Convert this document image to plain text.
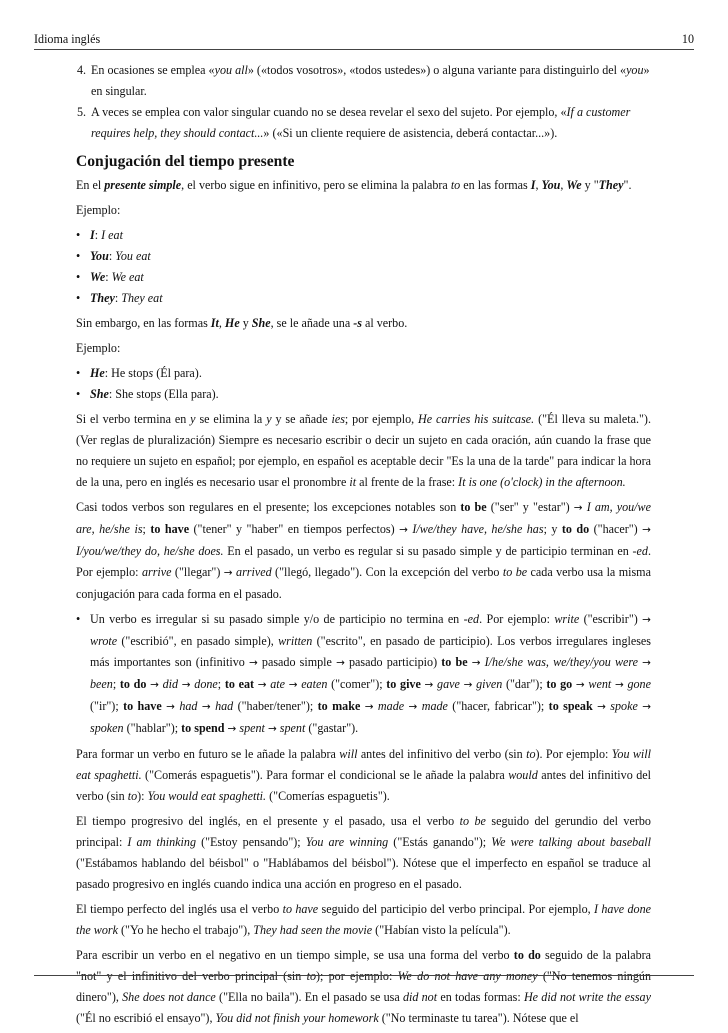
Idioma inglés	10
4. En ocasiones se emplea «you all» («todos vosotros», «todos ustedes») o alguna variante para distinguirlo del «you» en singular.
5. A veces se emplea con valor singular cuando no se desea revelar el sexo del sujeto. Por ejemplo, «If a customer requires help, they should contact...» («Si un cliente requiere de asistencia, deberá contactar...»).
Conjugación del tiempo presente

En el presente simple, el verbo sigue en infinitivo, pero se elimina la palabra to en las formas I, You, We y "They".

Ejemplo:

• I: I eat
• You: You eat
• We: We eat
• They: They eat

Sin embargo, en las formas It, He y She, se le añade una -s al verbo.

Ejemplo:

• He: He stops (Él para).
• She: She stops (Ella para).

Si el verbo termina en y se elimina la y y se añade ies; por ejemplo, He carries his suitcase. ("Él lleva su maleta."). (Ver reglas de pluralización) Siempre es necesario escribir o decir un sujeto en cada oración, aún cuando la frase que no requiere un sujeto en español; por ejemplo, en español es aceptable decir "Es la una de la tarde" para indicar la hora de la una, pero en inglés es necesario usar el pronombre it al frente de la frase: It is one (o'clock) in the afternoon.

Casi todos verbos son regulares en el presente; los excepciones notables son to be ("ser" y "estar") → I am, you/we are, he/she is; to have ("tener" y "haber" en tiempos perfectos) → I/we/they have, he/she has; y to do ("hacer") → I/you/we/they do, he/she does. En el pasado, un verbo es regular si su pasado simple y de participio terminan en -ed. Por ejemplo: arrive ("llegar") → arrived ("llegó, llegado"). Con la excepción del verbo to be cada verbo usa la misma conjugación para cada forma en el pasado.

• Un verbo es irregular si su pasado simple y/o de participio no termina en -ed. Por ejemplo: write ("escribir") → wrote ("escribió", en pasado simple), written ("escrito", en pasado de participio). Los verbos irregulares ingleses más importantes son (infinitivo → pasado simple → pasado participio) to be → I/he/she was, we/they/you were → been; to do → did → done; to eat → ate → eaten ("comer"); to give → gave → given ("dar"); to go → went → gone ("ir"); to have → had → had ("haber/tener"); to make → made → made ("hacer, fabricar"); to speak → spoke → spoken ("hablar"); to spend → spent → spent ("gastar").

Para formar un verbo en futuro se le añade la palabra will antes del infinitivo del verbo (sin to). Por ejemplo: You will eat spaghetti. ("Comerás espaguetis"). Para formar el condicional se le añade la palabra would antes del infinitivo del verbo (sin to): You would eat spaghetti. ("Comerías espaguetis").

El tiempo progresivo del inglés, en el presente y el pasado, usa el verbo to be seguido del gerundio del verbo principal: I am thinking ("Estoy pensando"); You are winning ("Estás ganando"); We were talking about baseball ("Estábamos hablando del béisbol" o "Hablábamos del béisbol"). Nótese que el imperfecto en español se traduce al pasado progresivo en inglés cuando indica una acción en progreso en el pasado.

El tiempo perfecto del inglés usa el verbo to have seguido del participio del verbo principal. Por ejemplo, I have done the work ("Yo he hecho el trabajo"), They had seen the movie ("Habían visto la película").

Para escribir un verbo en el negativo en un tiempo simple, se usa una forma del verbo to do seguido de la palabra "not" y el infinitivo del verbo principal (sin to); por ejemplo: We do not have any money ("No tenemos ningún dinero"), She does not dance ("Ella no baila"). En el pasado se usa did not en todas formas: He did not write the essay ("Él no escribió el ensayo"), You did not finish your homework ("No terminaste tu tarea"). Nótese que el
